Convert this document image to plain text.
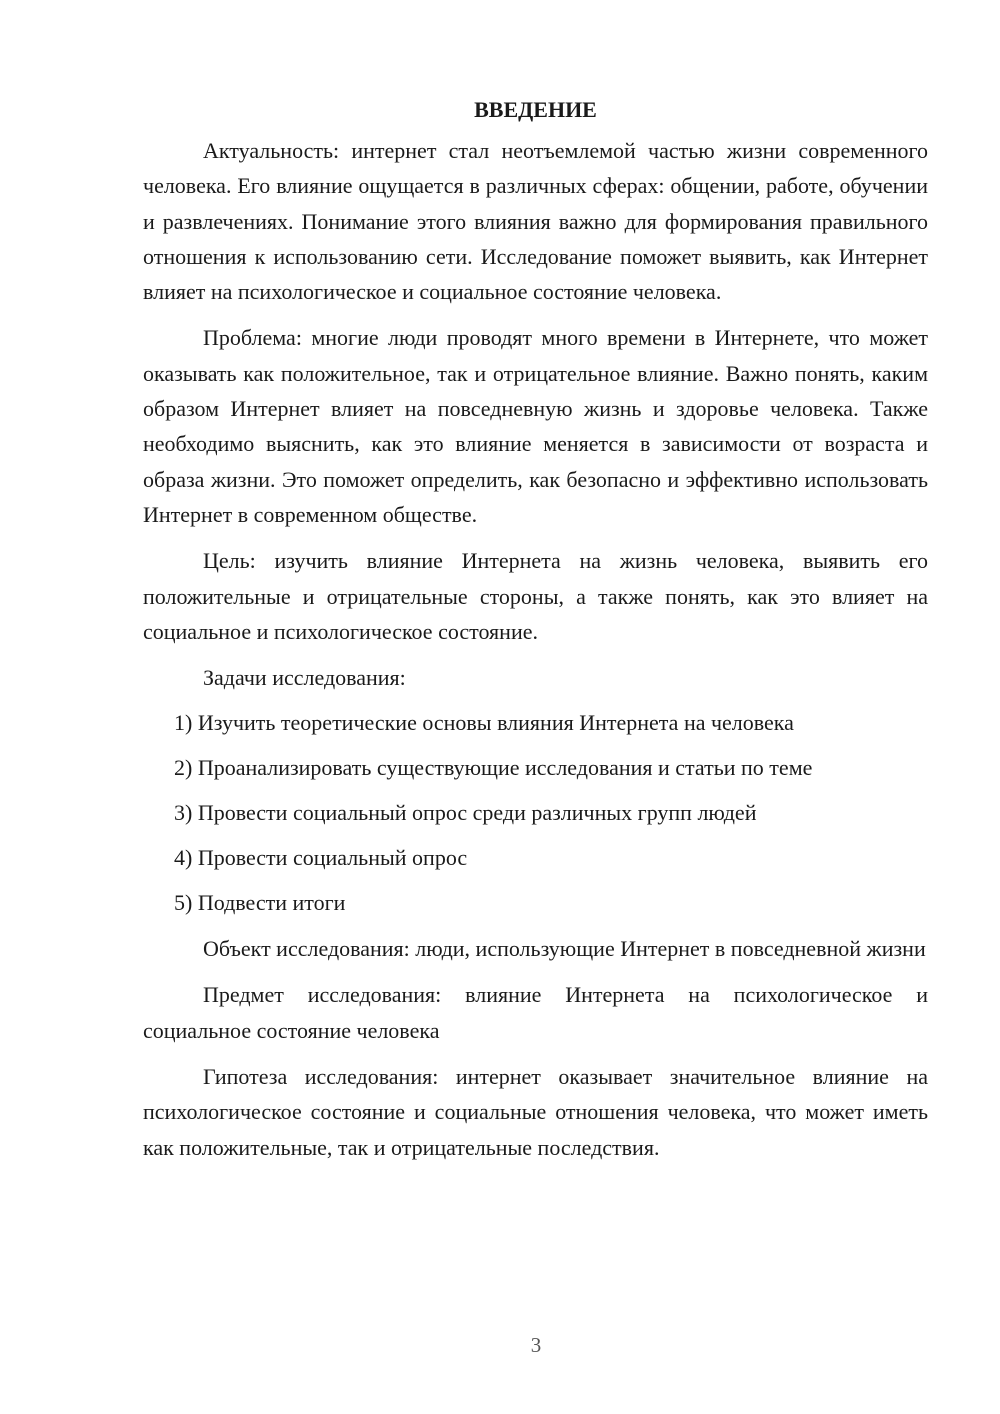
ВВЕДЕНИЕ

Актуальность: интернет стал неотъемлемой частью жизни современного человека. Его влияние ощущается в различных сферах: общении, работе, обучении и развлечениях. Понимание этого влияния важно для формирования правильного отношения к использованию сети. Исследование поможет выявить, как Интернет влияет на психологическое и социальное состояние человека.

Проблема: многие люди проводят много времени в Интернете, что может оказывать как положительное, так и отрицательное влияние. Важно понять, каким образом Интернет влияет на повседневную жизнь и здоровье человека. Также необходимо выяснить, как это влияние меняется в зависимости от возраста и образа жизни. Это поможет определить, как безопасно и эффективно использовать Интернет в современном обществе.

Цель: изучить влияние Интернета на жизнь человека, выявить его положительные и отрицательные стороны, а также понять, как это влияет на социальное и психологическое состояние.

Задачи исследования:
1) Изучить теоретические основы влияния Интернета на человека
2) Проанализировать существующие исследования и статьи по теме
3) Провести социальный опрос среди различных групп людей
4) Провести социальный опрос
5) Подвести итоги

Объект исследования: люди, использующие Интернет в повседневной жизни

Предмет исследования: влияние Интернета на психологическое и социальное состояние человека

Гипотеза исследования: интернет оказывает значительное влияние на психологическое состояние и социальные отношения человека, что может иметь как положительные, так и отрицательные последствия.

3
